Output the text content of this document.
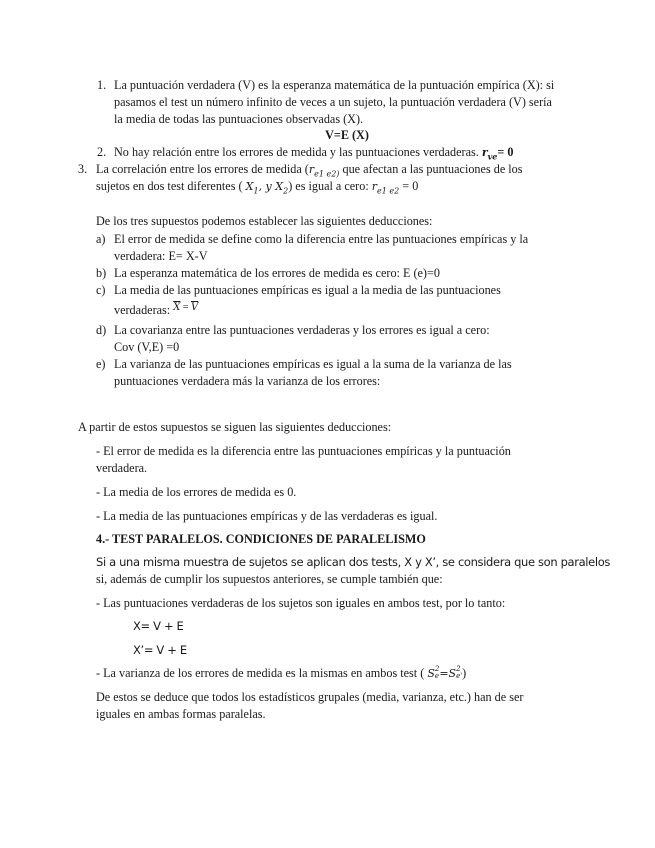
1. La puntuación verdadera (V) es la esperanza matemática de la puntuación empírica (X): si
pasamos el test un número infinito de veces a un sujeto, la puntuación verdadera (V) sería
la media de todas las puntuaciones observadas (X).
V=E (X)
2. No hay relación entre los errores de medida y las puntuaciones verdaderas. $r_{ve}= 0$
3. La correlación entre los errores de medida ($r_{e1 e2)}$ que afectan a las puntuaciones de los
sujetos en dos test diferentes ( $X_1$, y $X_2$) es igual a cero: $r_{e1 e2} = 0$
De los tres supuestos podemos establecer las siguientes deducciones:
a) El error de medida se define como la diferencia entre las puntuaciones empíricas y la
verdadera: E= X-V
b) La esperanza matemática de los errores de medida es cero: E (e)=0
c) La media de las puntuaciones empíricas es igual a la media de las puntuaciones
verdaderas: $\overline{X} = \overline{V}$
d) La covarianza entre las puntuaciones verdaderas y los errores es igual a cero:
Cov (V,E) =0
e) La varianza de las puntuaciones empíricas es igual a la suma de la varianza de las
puntuaciones verdadera más la varianza de los errores:
A partir de estos supuestos se siguen las siguientes deducciones:
- El error de medida es la diferencia entre las puntuaciones empíricas y la puntuación
verdadera.
- La media de los errores de medida es 0.
- La media de las puntuaciones empíricas y de las verdaderas es igual.
4.- TEST PARALELOS. CONDICIONES DE PARALELISMO
Si a una misma muestra de sujetos se aplican dos tests, X y X’, se considera que son paralelos
si, además de cumplir los supuestos anteriores, se cumple también que:
- Las puntuaciones verdaderas de los sujetos son iguales en ambos test, por lo tanto:
X= V + E
X’= V + E
- La varianza de los errores de medida es la mismas en ambos test ( S 2
e =S 2
e' )
De estos se deduce que todos los estadísticos grupales (media, varianza, etc.) han de ser
iguales en ambas formas paralelas.
